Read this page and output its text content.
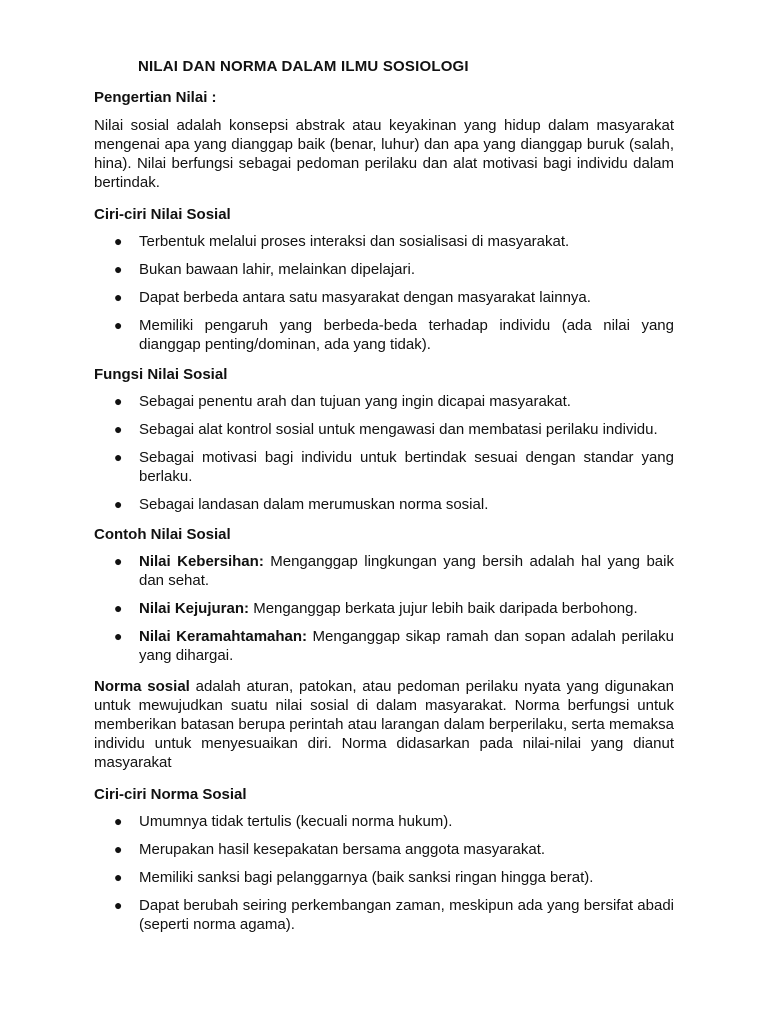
NILAI DAN NORMA DALAM ILMU SOSIOLOGI
Pengertian Nilai :

Nilai sosial adalah konsepsi abstrak atau keyakinan yang hidup dalam masyarakat mengenai apa yang dianggap baik (benar, luhur) dan apa yang dianggap buruk (salah, hina). Nilai berfungsi sebagai pedoman perilaku dan alat motivasi bagi individu dalam bertindak.

Ciri-ciri Nilai Sosial
● Terbentuk melalui proses interaksi dan sosialisasi di masyarakat.
● Bukan bawaan lahir, melainkan dipelajari.
● Dapat berbeda antara satu masyarakat dengan masyarakat lainnya.
● Memiliki pengaruh yang berbeda-beda terhadap individu (ada nilai yang dianggap penting/dominan, ada yang tidak).
Fungsi Nilai Sosial
● Sebagai penentu arah dan tujuan yang ingin dicapai masyarakat.
● Sebagai alat kontrol sosial untuk mengawasi dan membatasi perilaku individu.
● Sebagai motivasi bagi individu untuk bertindak sesuai dengan standar yang berlaku.
● Sebagai landasan dalam merumuskan norma sosial.
Contoh Nilai Sosial
● Nilai Kebersihan: Menganggap lingkungan yang bersih adalah hal yang baik dan sehat.
● Nilai Kejujuran: Menganggap berkata jujur lebih baik daripada berbohong.
● Nilai Keramahtamahan: Menganggap sikap ramah dan sopan adalah perilaku yang dihargai.

Norma sosial adalah aturan, patokan, atau pedoman perilaku nyata yang digunakan untuk mewujudkan suatu nilai sosial di dalam masyarakat. Norma berfungsi untuk memberikan batasan berupa perintah atau larangan dalam berperilaku, serta memaksa individu untuk menyesuaikan diri. Norma didasarkan pada nilai-nilai yang dianut masyarakat

Ciri-ciri Norma Sosial
● Umumnya tidak tertulis (kecuali norma hukum).
● Merupakan hasil kesepakatan bersama anggota masyarakat.
● Memiliki sanksi bagi pelanggarnya (baik sanksi ringan hingga berat).
● Dapat berubah seiring perkembangan zaman, meskipun ada yang bersifat abadi (seperti norma agama).
